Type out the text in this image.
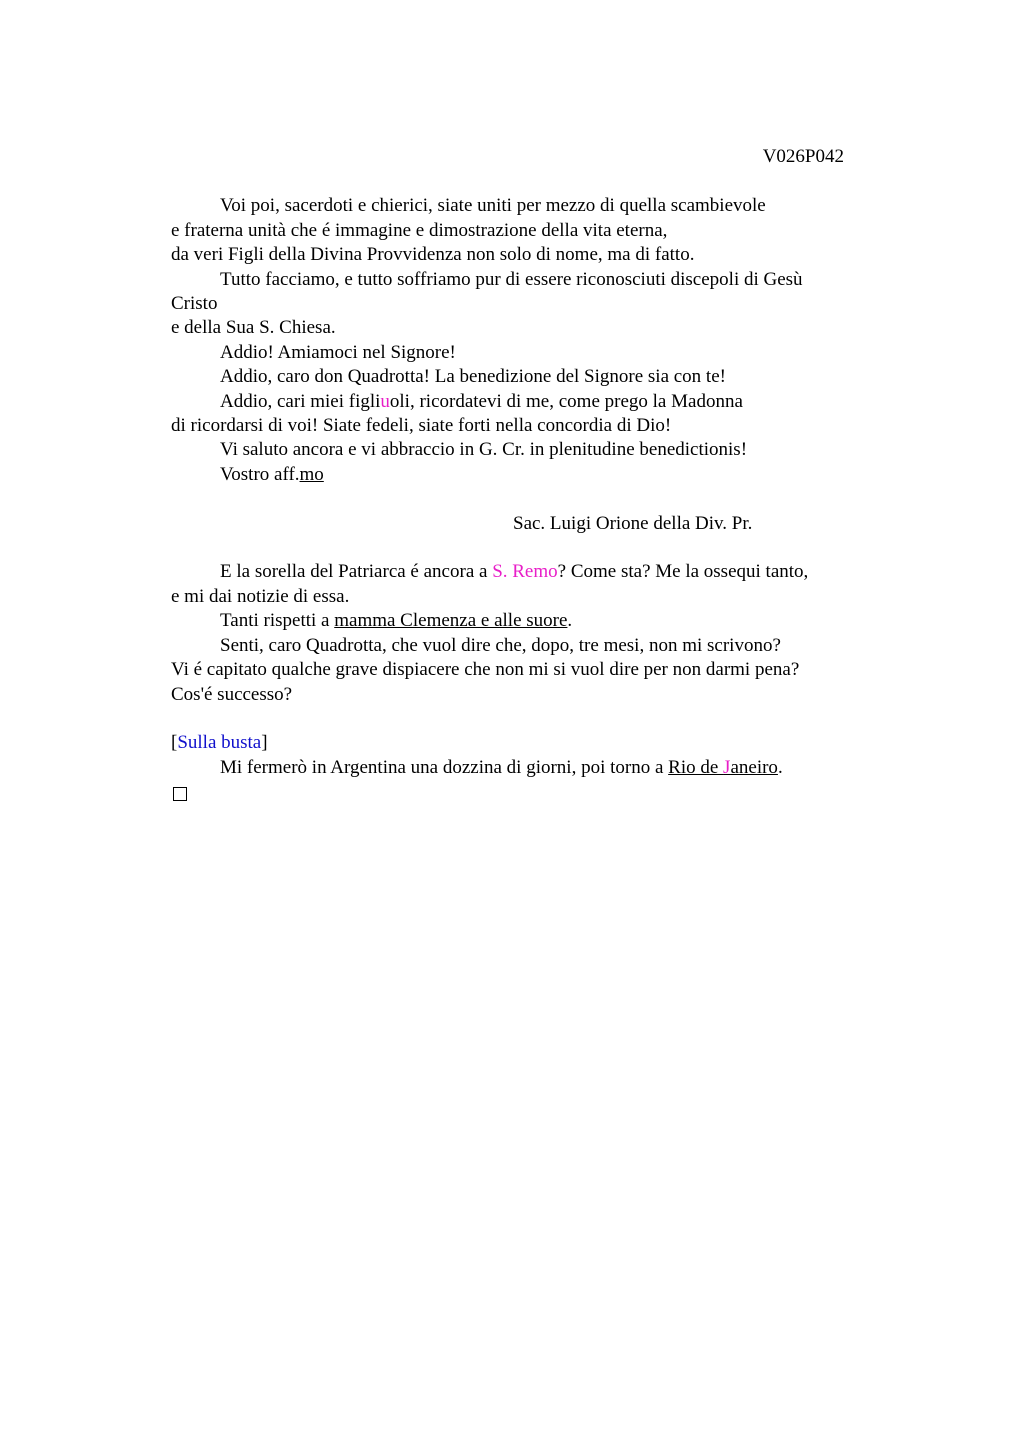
V026P042
Voi poi, sacerdoti e chierici, siate uniti per mezzo di quella scambievole
e fraterna unità che é immagine e dimostrazione della vita eterna,
da veri Figli della Divina Provvidenza non solo di nome, ma di fatto.
Tutto facciamo, e tutto soffriamo pur di essere riconosciuti discepoli di Gesù
Cristo
e della Sua S. Chiesa.
Addio! Amiamoci nel Signore!
Addio, caro don Quadrotta! La benedizione del Signore sia con te!
Addio, cari miei figliuoli, ricordatevi di me, come prego la Madonna
di ricordarsi di voi! Siate fedeli, siate forti nella concordia di Dio!
Vi saluto ancora e vi abbraccio in G. Cr. in plenitudine benedictionis!
Vostro aff.mo
Sac. Luigi Orione della Div. Pr.
E la sorella del Patriarca é ancora a S. Remo? Come sta? Me la ossequi tanto,
e mi dai notizie di essa.
Tanti rispetti a mamma Clemenza e alle suore.
Senti, caro Quadrotta, che vuol dire che, dopo, tre mesi, non mi scrivono?
Vi é capitato qualche grave dispiacere che non mi si vuol dire per non darmi pena?
Cos'é successo?
[Sulla busta]
Mi fermerò in Argentina una dozzina di giorni, poi torno a Rio de Janeiro.
